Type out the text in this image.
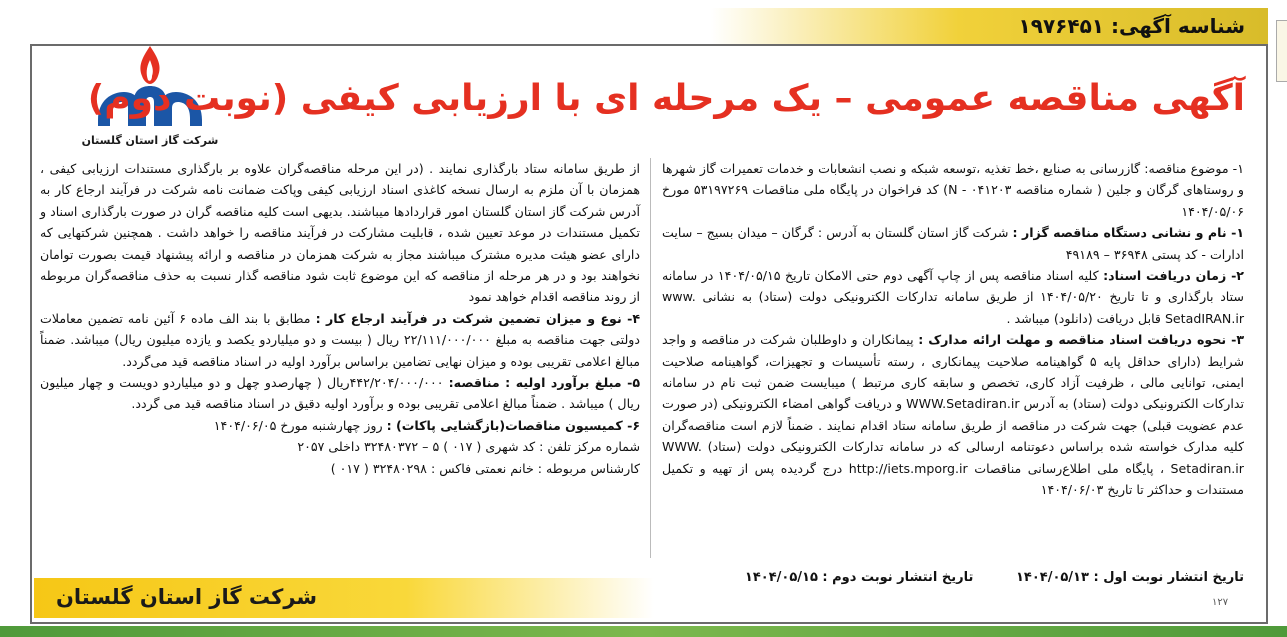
شناسه آگهی: ۱۹۷۶۴۵۱
شرکت گاز استان گلستان
آگهی مناقصه عمومی – یک مرحله ای با ارزیابی کیفی (نوبت دوم)

۱- موضوع مناقصه: گازرسانی به صنایع ،خط تغذیه ،توسعه شبکه و نصب انشعابات و خدمات تعمیرات گاز شهرها و روستاهای گرگان و جلین ( شماره مناقصه N - ۰۴۱۲۰۳) کد فراخوان در پایگاه ملی مناقصات ۵۳۱۹۷۲۶۹ مورخ ۱۴۰۴/۰۵/۰۶

۱- نام و نشانی دستگاه مناقصه گزار : شرکت گاز استان گلستان به آدرس : گرگان – میدان بسیج – سایت ادارات - کد پستی ۳۶۹۴۸ – ۴۹۱۸۹

۲- زمان دریافت اسناد: کلیه اسناد مناقصه پس از چاپ آگهی دوم حتی الامکان تاریخ ۱۴۰۴/۰۵/۱۵ در سامانه ستاد بارگذاری و تا تاریخ ۱۴۰۴/۰۵/۲۰ از طریق سامانه تدارکات الکترونیکی دولت (ستاد) به نشانی www. SetadIRAN.ir قابل دریافت (دانلود) میباشد .

۳- نحوه دریافت اسناد مناقصه و مهلت ارائه مدارک : پیمانکاران و داوطلبان شرکت در مناقصه و واجد شرایط (دارای حداقل پایه ۵ گواهینامه صلاحیت پیمانکاری ، رسته تأسیسات و تجهیزات، گواهینامه صلاحیت ایمنی، توانایی مالی ، ظرفیت آزاد کاری، تخصص و سابقه کاری مرتبط ) میبایست ضمن ثبت نام در سامانه تدارکات الکترونیکی دولت (ستاد) به آدرس WWW.Setadiran.ir و دریافت گواهی امضاء الکترونیکی (در صورت عدم عضویت قبلی) جهت شرکت در مناقصه از طریق سامانه ستاد اقدام نمایند . ضمناً لازم است مناقصه‌گران کلیه مدارک خواسته شده براساس دعوتنامه ارسالی که در سامانه تدارکات الکترونیکی دولت (ستاد) WWW. Setadiran.ir ، پایگاه ملی اطلاع‌رسانی مناقصات http://iets.mporg.ir درج گردیده پس از تهیه و تکمیل مستندات و حداکثر تا تاریخ ۱۴۰۴/۰۶/۰۳

از طریق سامانه ستاد بارگذاری نمایند . (در این مرحله مناقصه‌گران علاوه بر بارگذاری مستندات ارزیابی کیفی ، همزمان با آن ملزم به ارسال نسخه کاغذی اسناد ارزیابی کیفی وپاکت ضمانت نامه شرکت در فرآیند ارجاع کار به آدرس شرکت گاز استان گلستان امور قراردادها میباشند. بدیهی است کلیه مناقصه گران در صورت بارگذاری اسناد و تکمیل مستندات در موعد تعیین شده ، قابلیت مشارکت در فرآیند مناقصه را خواهد داشت . همچنین شرکتهایی که دارای عضو هیئت مدیره مشترک میباشند مجاز به شرکت همزمان در مناقصه و ارائه پیشنهاد قیمت بصورت توامان نخواهند بود و در هر مرحله از مناقصه که این موضوع ثابت شود مناقصه گذار نسبت به حذف مناقصه‌گران مربوطه از روند مناقصه اقدام خواهد نمود

۴- نوع و میزان تضمین شرکت در فرآیند ارجاع کار : مطابق با بند الف ماده ۶ آئین نامه تضمین معاملات دولتی جهت مناقصه به مبلغ ۲۲/۱۱۱/۰۰۰/۰۰۰ ریال ( بیست و دو میلیاردو یکصد و یازده میلیون ریال) میباشد. ضمناً مبالغ اعلامی تقریبی بوده و میزان نهایی تضامین براساس برآورد اولیه در اسناد مناقصه قید می‌گردد.

۵- مبلغ برآورد اولیه : مناقصه: ۴۴۲/۲۰۴/۰۰۰/۰۰۰ریال ( چهارصدو چهل و دو میلیاردو دویست و چهار میلیون ریال ) میباشد . ضمناً مبالغ اعلامی تقریبی بوده و برآورد اولیه دقیق در اسناد مناقصه قید می گردد.

۶- کمیسیون مناقصات(بازگشایی پاکات) : روز چهارشنبه مورخ ۱۴۰۴/۰۶/۰۵

شماره مرکز تلفن : کد شهری ( ۰۱۷ ) ۵ – ۳۲۴۸۰۳۷۲ داخلی ۲۰۵۷

کارشناس مربوطه : خانم نعمتی فاکس : ۳۲۴۸۰۲۹۸ ( ۰۱۷ )

تاریخ انتشار نوبت اول : ۱۴۰۴/۰۵/۱۳ تاریخ انتشار نوبت دوم : ۱۴۰۴/۰۵/۱۵
شرکت گاز استان گلستان	۱۲۷
